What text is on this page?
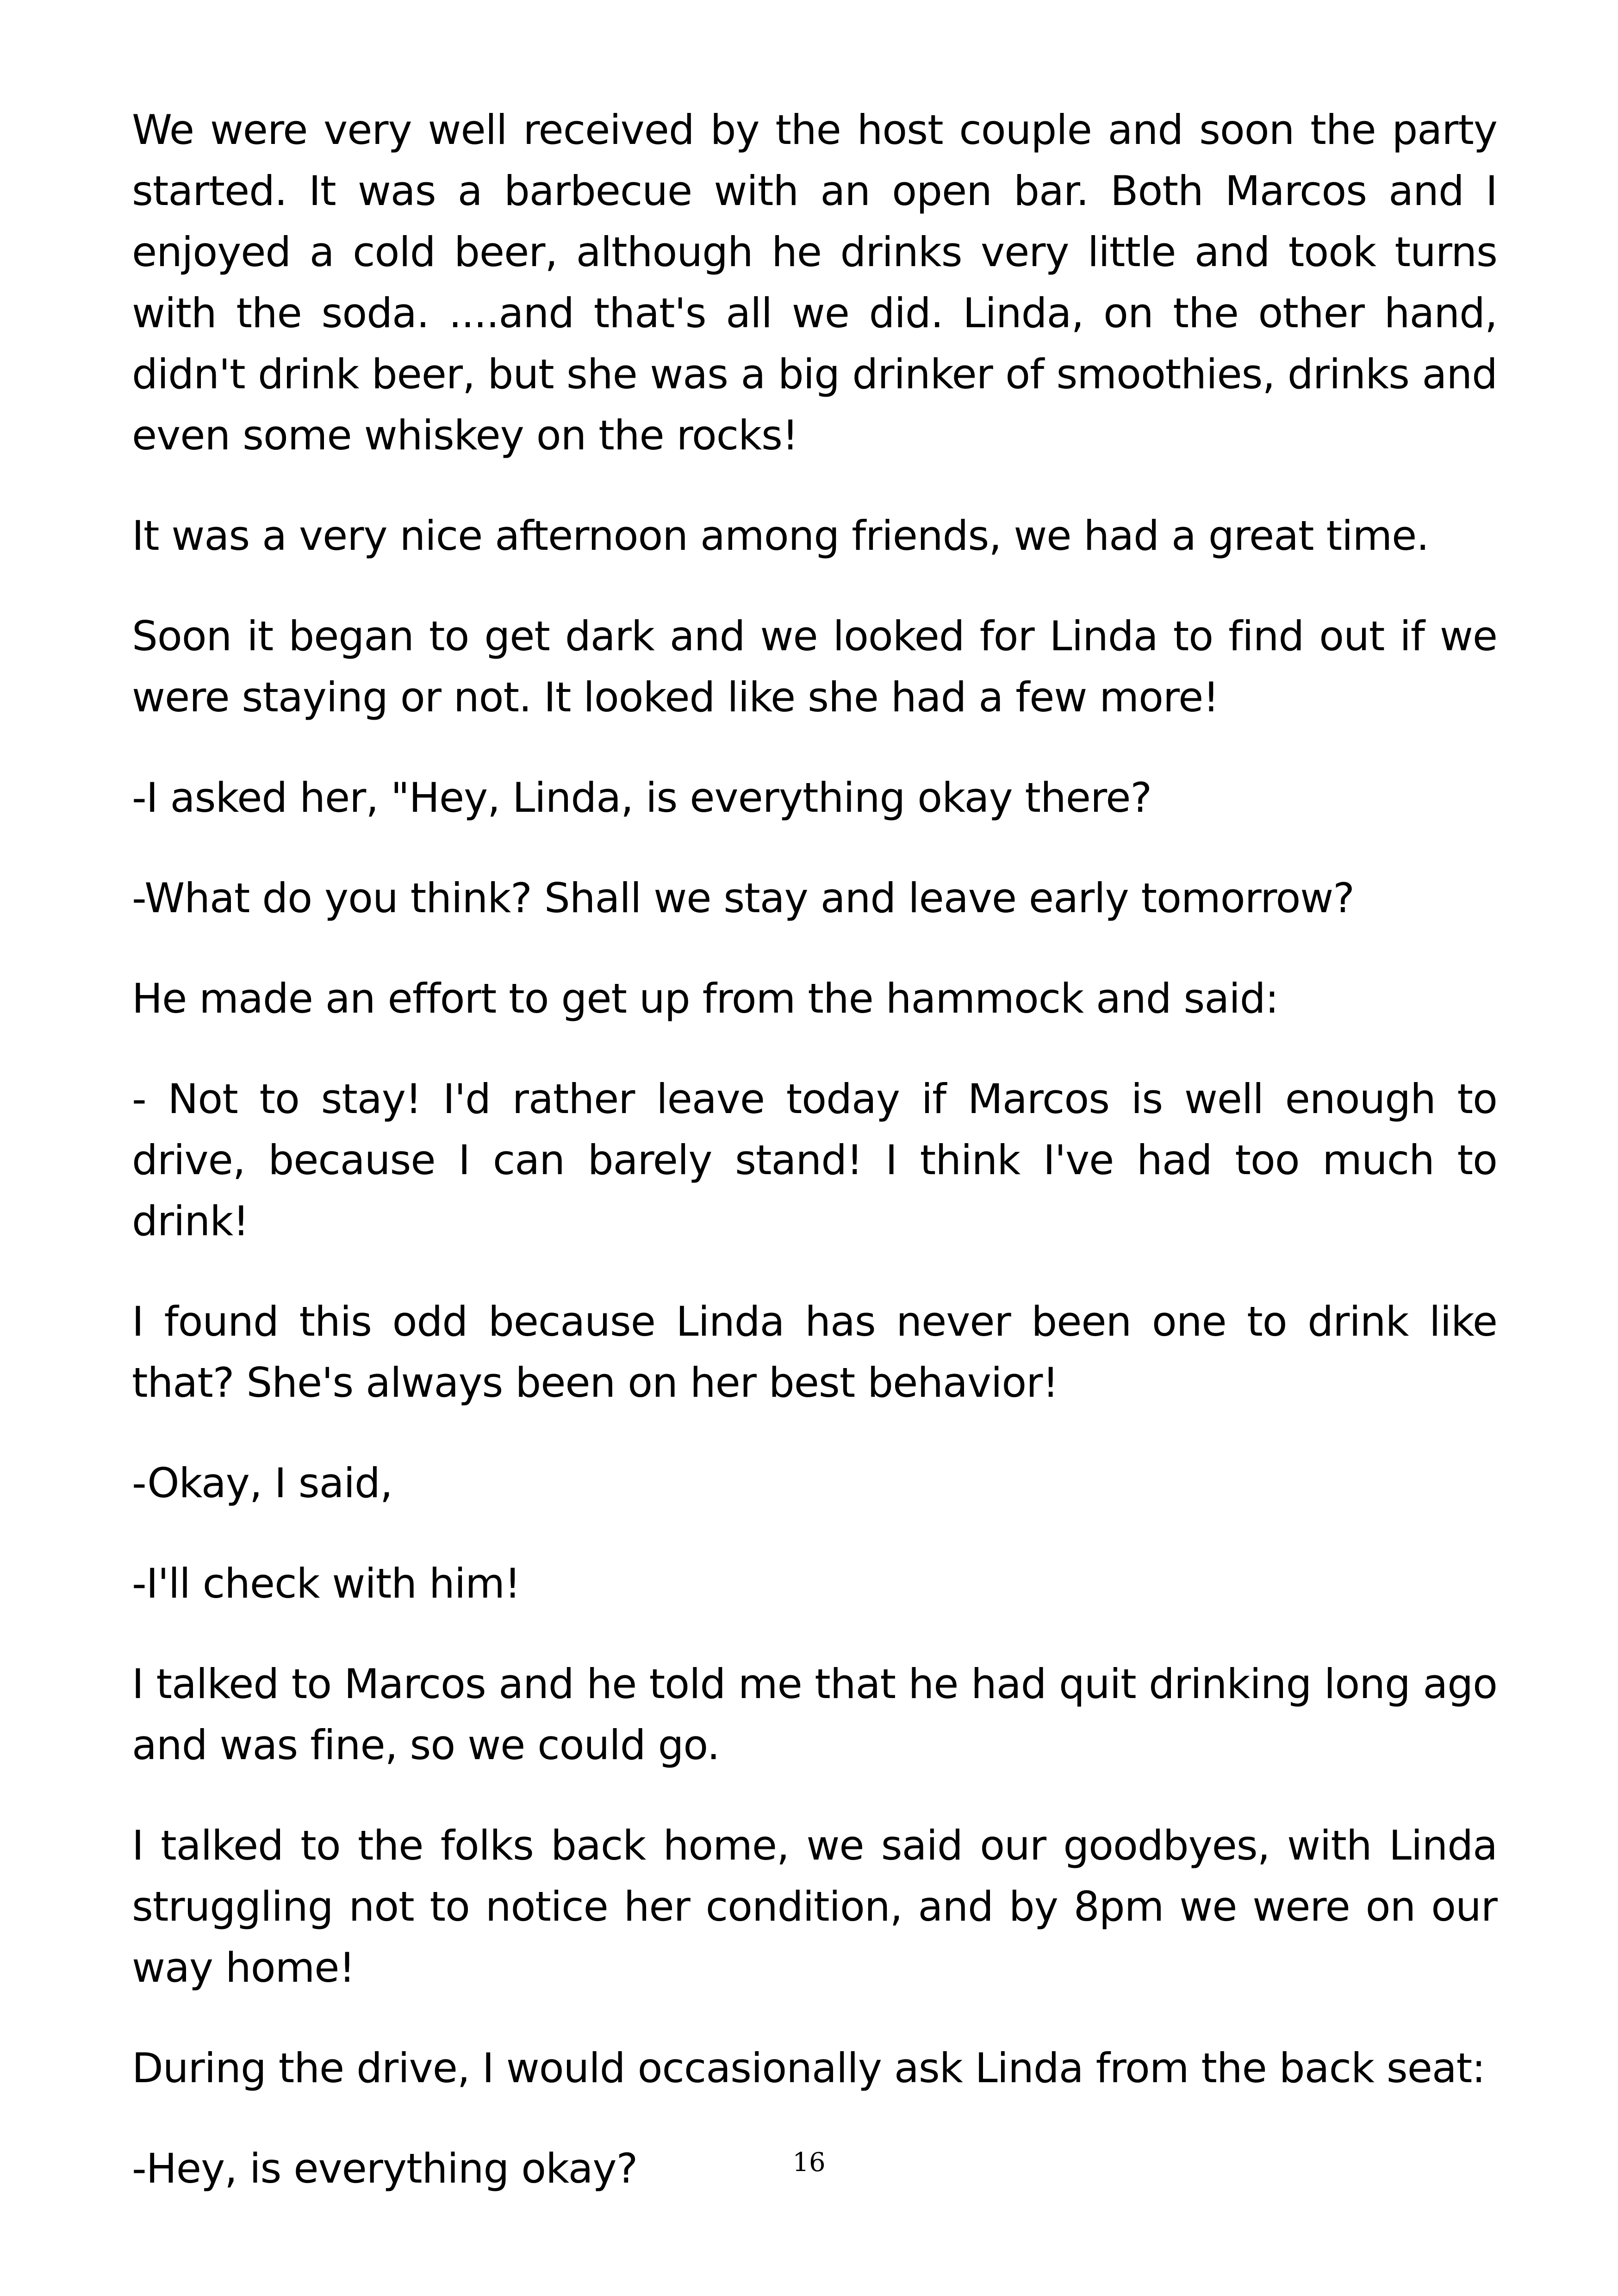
We were very well received by the host couple and soon the party started. It was a barbecue with an open bar. Both Marcos and I enjoyed a cold beer, although he drinks very little and took turns with the soda. ....and that's all we did. Linda, on the other hand, didn't drink beer, but she was a big drinker of smoothies, drinks and even some whiskey on the rocks!

It was a very nice afternoon among friends, we had a great time.

Soon it began to get dark and we looked for Linda to find out if we were staying or not. It looked like she had a few more!

-I asked her, "Hey, Linda, is everything okay there?

-What do you think? Shall we stay and leave early tomorrow?

He made an effort to get up from the hammock and said:

- Not to stay! I'd rather leave today if Marcos is well enough to drive, because I can barely stand! I think I've had too much to drink!

I found this odd because Linda has never been one to drink like that? She's always been on her best behavior!

-Okay, I said,

-I'll check with him!

I talked to Marcos and he told me that he had quit drinking long ago and was fine, so we could go.

I talked to the folks back home, we said our goodbyes, with Linda struggling not to notice her condition, and by 8pm we were on our way home!

During the drive, I would occasionally ask Linda from the back seat:

-Hey, is everything okay?	16
